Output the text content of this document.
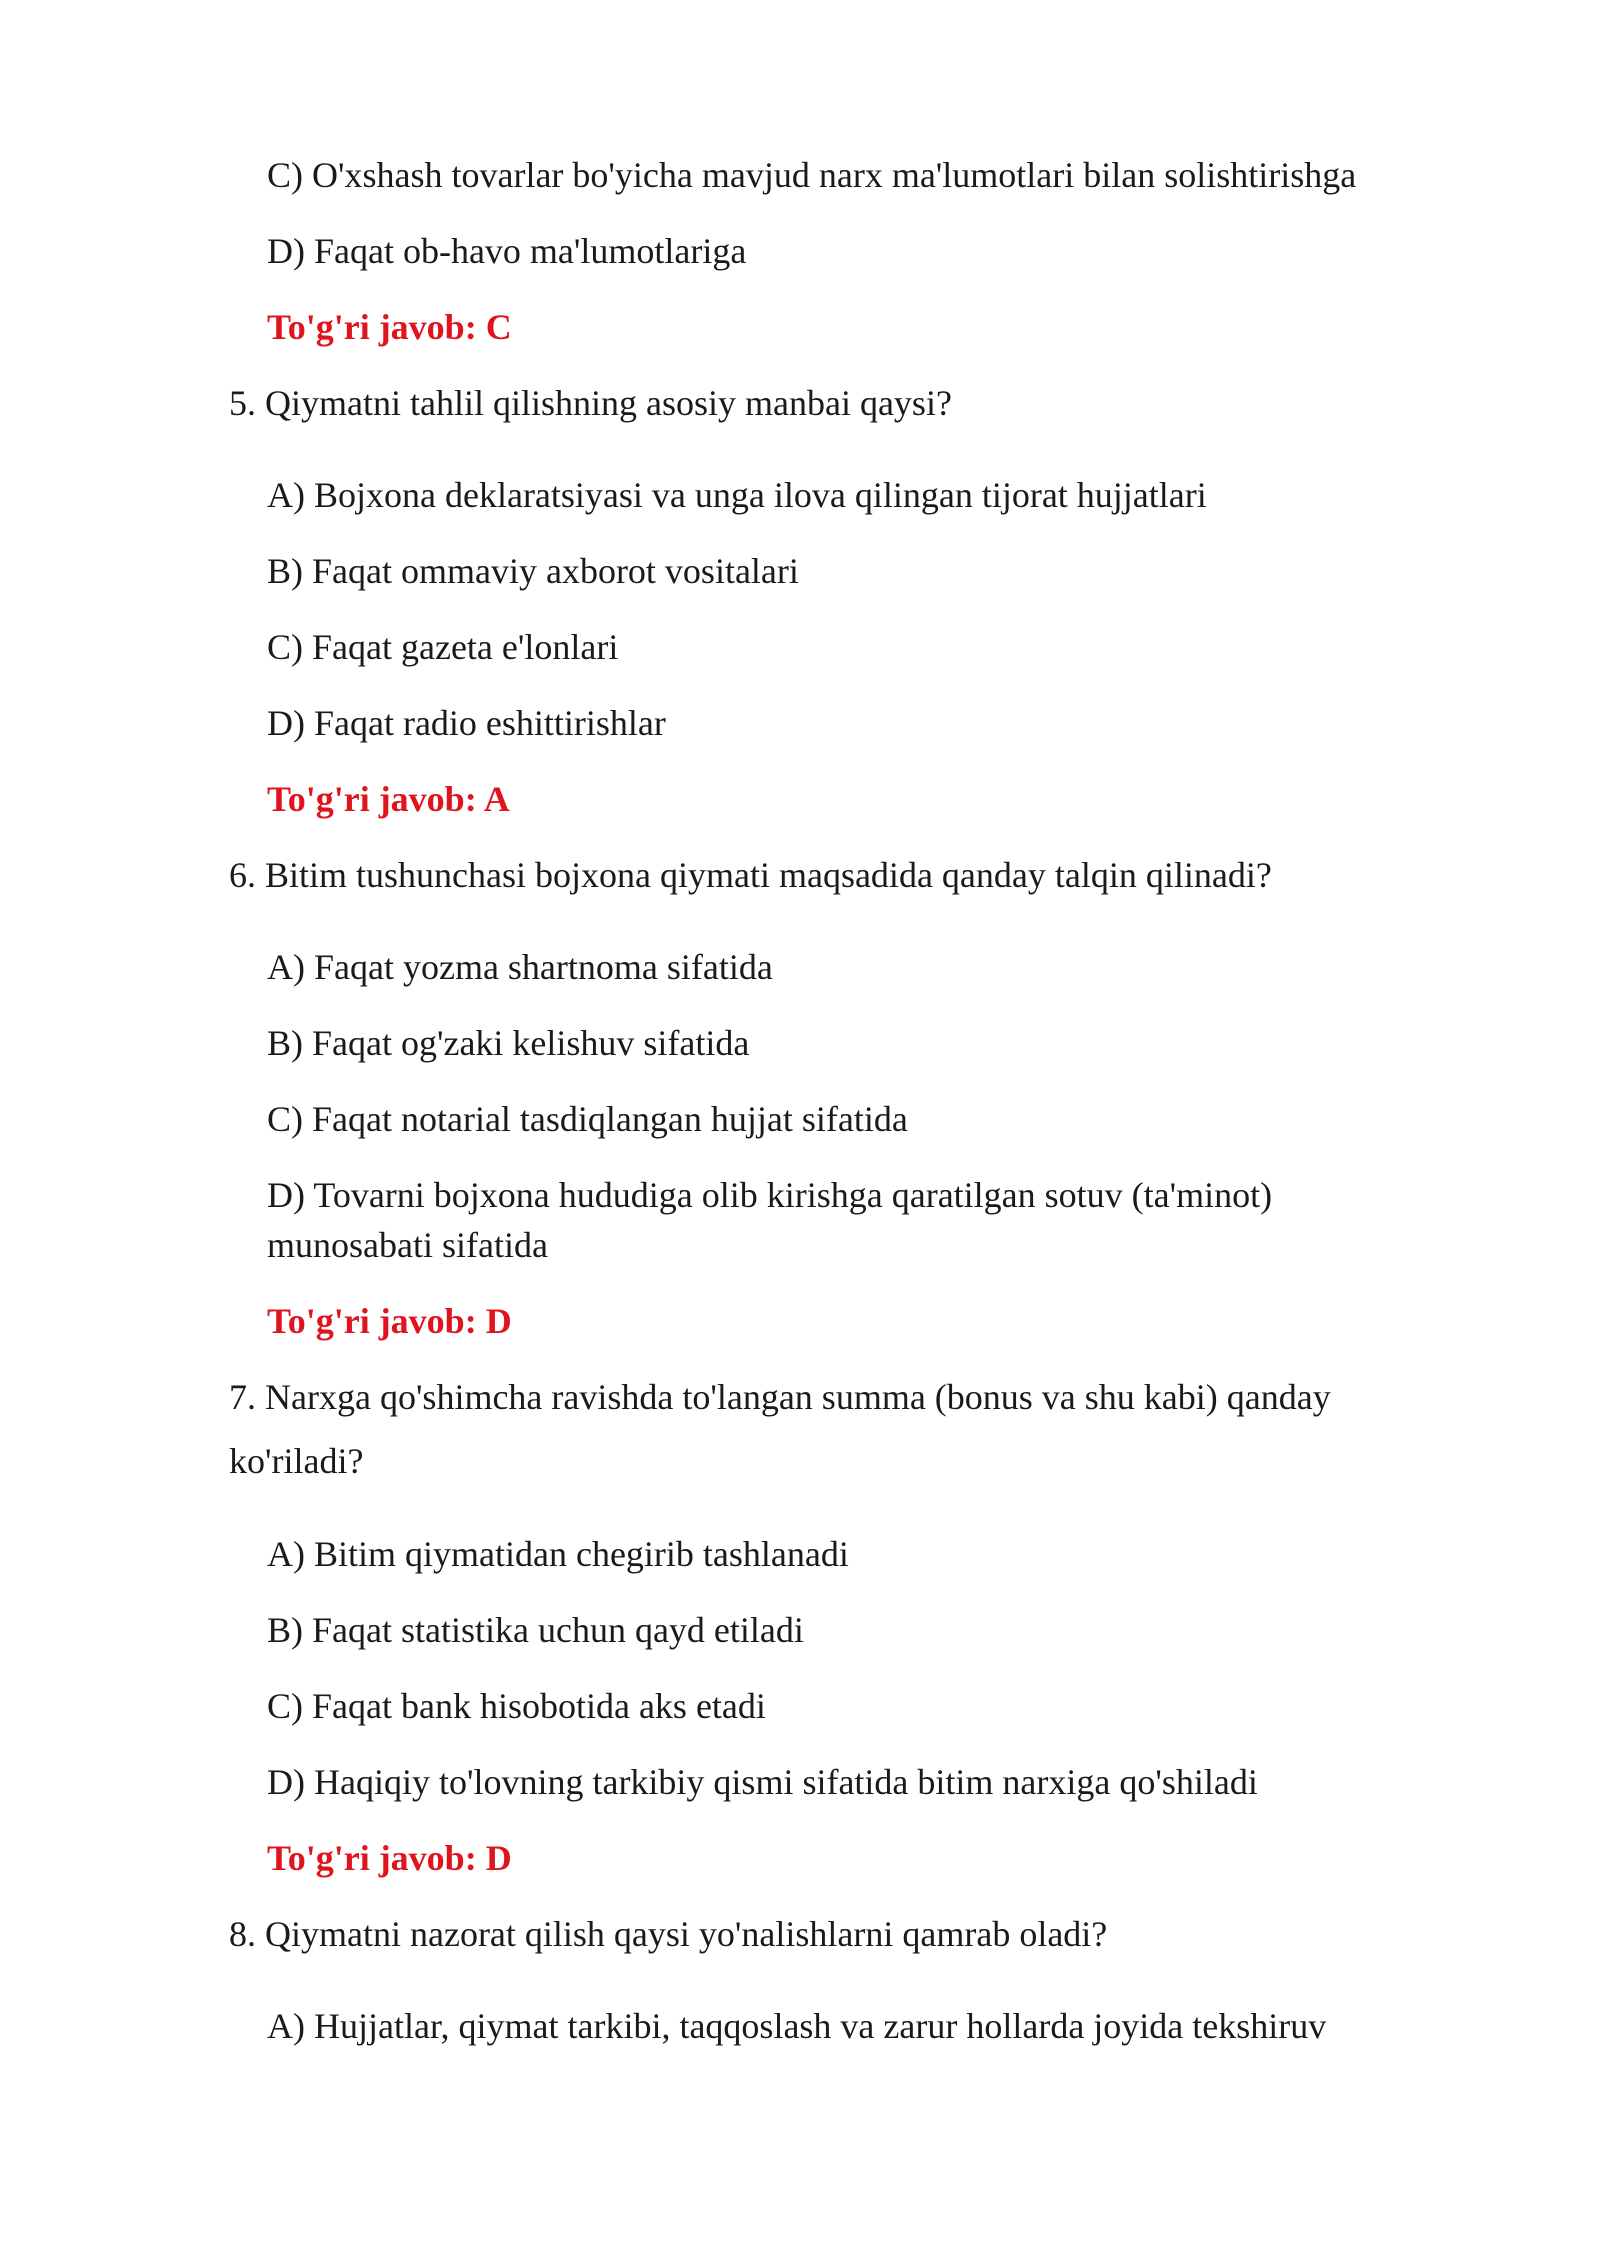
C) O'xshash tovarlar bo'yicha mavjud narx ma'lumotlari bilan solishtirishga
D) Faqat ob-havo ma'lumotlariga
To'g'ri javob: C
5. Qiymatni tahlil qilishning asosiy manbai qaysi?
A) Bojxona deklaratsiyasi va unga ilova qilingan tijorat hujjatlari
B) Faqat ommaviy axborot vositalari
C) Faqat gazeta e'lonlari
D) Faqat radio eshittirishlar
To'g'ri javob: A
6. Bitim tushunchasi bojxona qiymati maqsadida qanday talqin qilinadi?
A) Faqat yozma shartnoma sifatida
B) Faqat og'zaki kelishuv sifatida
C) Faqat notarial tasdiqlangan hujjat sifatida
D) Tovarni bojxona hududiga olib kirishga qaratilgan sotuv (ta'minot)
munosabati sifatida
To'g'ri javob: D
7. Narxga qo'shimcha ravishda to'langan summa (bonus va shu kabi) qanday
ko'riladi?
A) Bitim qiymatidan chegirib tashlanadi
B) Faqat statistika uchun qayd etiladi
C) Faqat bank hisobotida aks etadi
D) Haqiqiy to'lovning tarkibiy qismi sifatida bitim narxiga qo'shiladi
To'g'ri javob: D
8. Qiymatni nazorat qilish qaysi yo'nalishlarni qamrab oladi?
A) Hujjatlar, qiymat tarkibi, taqqoslash va zarur hollarda joyida tekshiruv
